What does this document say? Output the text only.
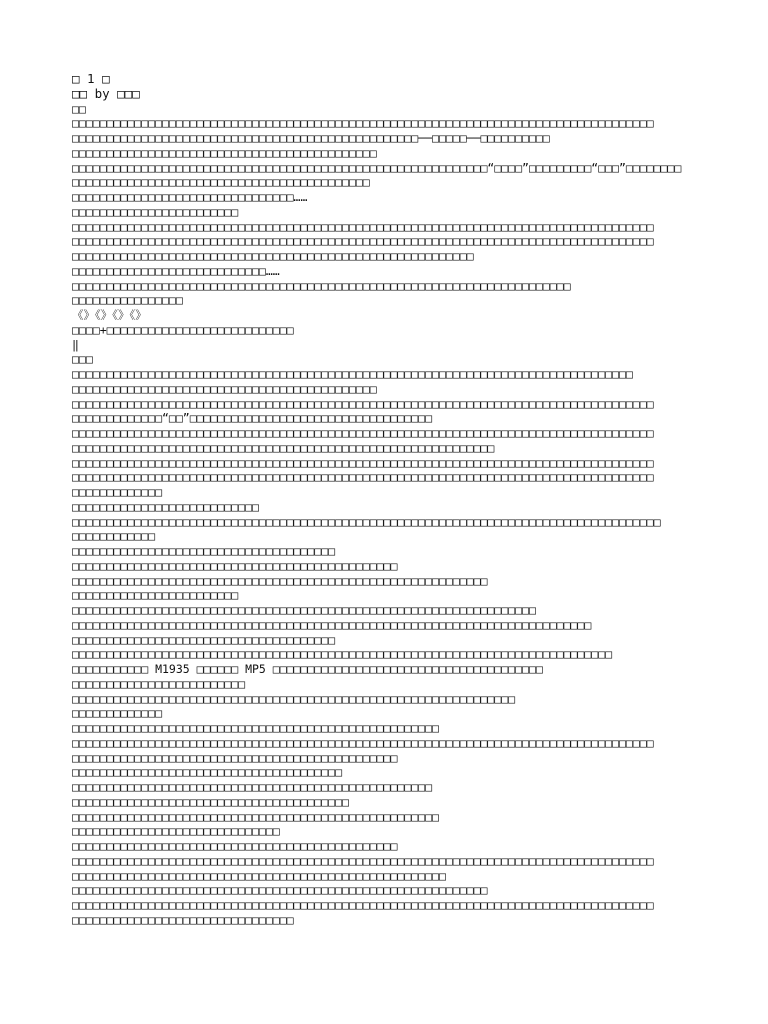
□ 1 □
□□ by □□□
□□
□□□□□□□□□□□□□□□□□□□□□□□□□□□□□□□□□□□□□□□□□□□□□□□□□□□□□□□□□□□□□□□□□□□□□□□□□□□□□□□□□□□□
□□□□□□□□□□□□□□□□□□□□□□□□□□□□□□□□□□□□□□□□□□□□□□□□□□──□□□□□──□□□□□□□□□□
□□□□□□□□□□□□□□□□□□□□□□□□□□□□□□□□□□□□□□□□□□□□
□□□□□□□□□□□□□□□□□□□□□□□□□□□□□□□□□□□□□□□□□□□□□□□□□□□□□□□□□□□□“□□□□”□□□□□□□□□“□□□”□□□□□□□□
□□□□□□□□□□□□□□□□□□□□□□□□□□□□□□□□□□□□□□□□□□□
□□□□□□□□□□□□□□□□□□□□□□□□□□□□□□□□……
□□□□□□□□□□□□□□□□□□□□□□□□
□□□□□□□□□□□□□□□□□□□□□□□□□□□□□□□□□□□□□□□□□□□□□□□□□□□□□□□□□□□□□□□□□□□□□□□□□□□□□□□□□□□□
□□□□□□□□□□□□□□□□□□□□□□□□□□□□□□□□□□□□□□□□□□□□□□□□□□□□□□□□□□□□□□□□□□□□□□□□□□□□□□□□□□□□
□□□□□□□□□□□□□□□□□□□□□□□□□□□□□□□□□□□□□□□□□□□□□□□□□□□□□□□□□□
□□□□□□□□□□□□□□□□□□□□□□□□□□□□……
□□□□□□□□□□□□□□□□□□□□□□□□□□□□□□□□□□□□□□□□□□□□□□□□□□□□□□□□□□□□□□□□□□□□□□□□
□□□□□□□□□□□□□□□□
《》《》《》《》
□□□□+□□□□□□□□□□□□□□□□□□□□□□□□□□□
‖
□□□
□□□□□□□□□□□□□□□□□□□□□□□□□□□□□□□□□□□□□□□□□□□□□□□□□□□□□□□□□□□□□□□□□□□□□□□□□□□□□□□□□
□□□□□□□□□□□□□□□□□□□□□□□□□□□□□□□□□□□□□□□□□□□□
□□□□□□□□□□□□□□□□□□□□□□□□□□□□□□□□□□□□□□□□□□□□□□□□□□□□□□□□□□□□□□□□□□□□□□□□□□□□□□□□□□□□
□□□□□□□□□□□□□“□□”□□□□□□□□□□□□□□□□□□□□□□□□□□□□□□□□□□□
□□□□□□□□□□□□□□□□□□□□□□□□□□□□□□□□□□□□□□□□□□□□□□□□□□□□□□□□□□□□□□□□□□□□□□□□□□□□□□□□□□□□
□□□□□□□□□□□□□□□□□□□□□□□□□□□□□□□□□□□□□□□□□□□□□□□□□□□□□□□□□□□□□
□□□□□□□□□□□□□□□□□□□□□□□□□□□□□□□□□□□□□□□□□□□□□□□□□□□□□□□□□□□□□□□□□□□□□□□□□□□□□□□□□□□□
□□□□□□□□□□□□□□□□□□□□□□□□□□□□□□□□□□□□□□□□□□□□□□□□□□□□□□□□□□□□□□□□□□□□□□□□□□□□□□□□□□□□
□□□□□□□□□□□□□
□□□□□□□□□□□□□□□□□□□□□□□□□□□
□□□□□□□□□□□□□□□□□□□□□□□□□□□□□□□□□□□□□□□□□□□□□□□□□□□□□□□□□□□□□□□□□□□□□□□□□□□□□□□□□□□□□
□□□□□□□□□□□□
□□□□□□□□□□□□□□□□□□□□□□□□□□□□□□□□□□□□□□
□□□□□□□□□□□□□□□□□□□□□□□□□□□□□□□□□□□□□□□□□□□□□□□
□□□□□□□□□□□□□□□□□□□□□□□□□□□□□□□□□□□□□□□□□□□□□□□□□□□□□□□□□□□□
□□□□□□□□□□□□□□□□□□□□□□□□
□□□□□□□□□□□□□□□□□□□□□□□□□□□□□□□□□□□□□□□□□□□□□□□□□□□□□□□□□□□□□□□□□□□
□□□□□□□□□□□□□□□□□□□□□□□□□□□□□□□□□□□□□□□□□□□□□□□□□□□□□□□□□□□□□□□□□□□□□□□□□□□
□□□□□□□□□□□□□□□□□□□□□□□□□□□□□□□□□□□□□□
□□□□□□□□□□□□□□□□□□□□□□□□□□□□□□□□□□□□□□□□□□□□□□□□□□□□□□□□□□□□□□□□□□□□□□□□□□□□□□
□□□□□□□□□□□ M1935 □□□□□□ MP5 □□□□□□□□□□□□□□□□□□□□□□□□□□□□□□□□□□□□□□□
□□□□□□□□□□□□□□□□□□□□□□□□□
□□□□□□□□□□□□□□□□□□□□□□□□□□□□□□□□□□□□□□□□□□□□□□□□□□□□□□□□□□□□□□□□
□□□□□□□□□□□□□
□□□□□□□□□□□□□□□□□□□□□□□□□□□□□□□□□□□□□□□□□□□□□□□□□□□□□
□□□□□□□□□□□□□□□□□□□□□□□□□□□□□□□□□□□□□□□□□□□□□□□□□□□□□□□□□□□□□□□□□□□□□□□□□□□□□□□□□□□□
□□□□□□□□□□□□□□□□□□□□□□□□□□□□□□□□□□□□□□□□□□□□□□□
□□□□□□□□□□□□□□□□□□□□□□□□□□□□□□□□□□□□□□□
□□□□□□□□□□□□□□□□□□□□□□□□□□□□□□□□□□□□□□□□□□□□□□□□□□□□
□□□□□□□□□□□□□□□□□□□□□□□□□□□□□□□□□□□□□□□□
□□□□□□□□□□□□□□□□□□□□□□□□□□□□□□□□□□□□□□□□□□□□□□□□□□□□□
□□□□□□□□□□□□□□□□□□□□□□□□□□□□□□
□□□□□□□□□□□□□□□□□□□□□□□□□□□□□□□□□□□□□□□□□□□□□□□
□□□□□□□□□□□□□□□□□□□□□□□□□□□□□□□□□□□□□□□□□□□□□□□□□□□□□□□□□□□□□□□□□□□□□□□□□□□□□□□□□□□□
□□□□□□□□□□□□□□□□□□□□□□□□□□□□□□□□□□□□□□□□□□□□□□□□□□□□□□
□□□□□□□□□□□□□□□□□□□□□□□□□□□□□□□□□□□□□□□□□□□□□□□□□□□□□□□□□□□□
□□□□□□□□□□□□□□□□□□□□□□□□□□□□□□□□□□□□□□□□□□□□□□□□□□□□□□□□□□□□□□□□□□□□□□□□□□□□□□□□□□□□
□□□□□□□□□□□□□□□□□□□□□□□□□□□□□□□□
